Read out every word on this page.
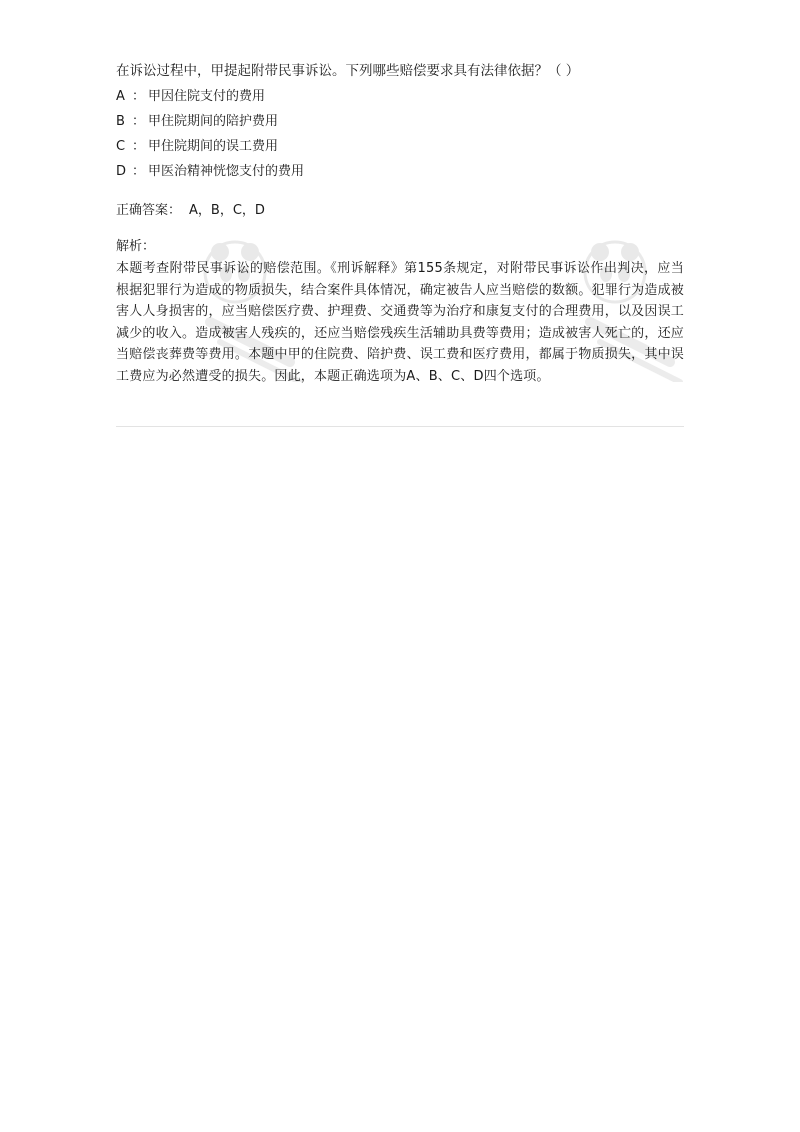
在诉讼过程中，甲提起附带民事诉讼。下列哪些赔偿要求具有法律依据？（ ）

A ： 甲因住院支付的费用
B ： 甲住院期间的陪护费用
C ： 甲住院期间的误工费用
D ： 甲医治精神恍惚支付的费用
正确答案： A，B，C，D
解析：
本题考查附带民事诉讼的赔偿范围。《刑诉解释》第155条规定，对附带民事诉讼作出判决，应当根据犯罪行为造成的物质损失，结合案件具体情况，确定被告人应当赔偿的数额。犯罪行为造成被害人人身损害的，应当赔偿医疗费、护理费、交通费等为治疗和康复支付的合理费用，以及因误工减少的收入。造成被害人残疾的，还应当赔偿残疾生活辅助具费等费用；造成被害人死亡的，还应当赔偿丧葬费等费用。本题中甲的住院费、陪护费、误工费和医疗费用，都属于物质损失，其中误工费应为必然遭受的损失。因此，本题正确选项为A、B、C、D四个选项。
